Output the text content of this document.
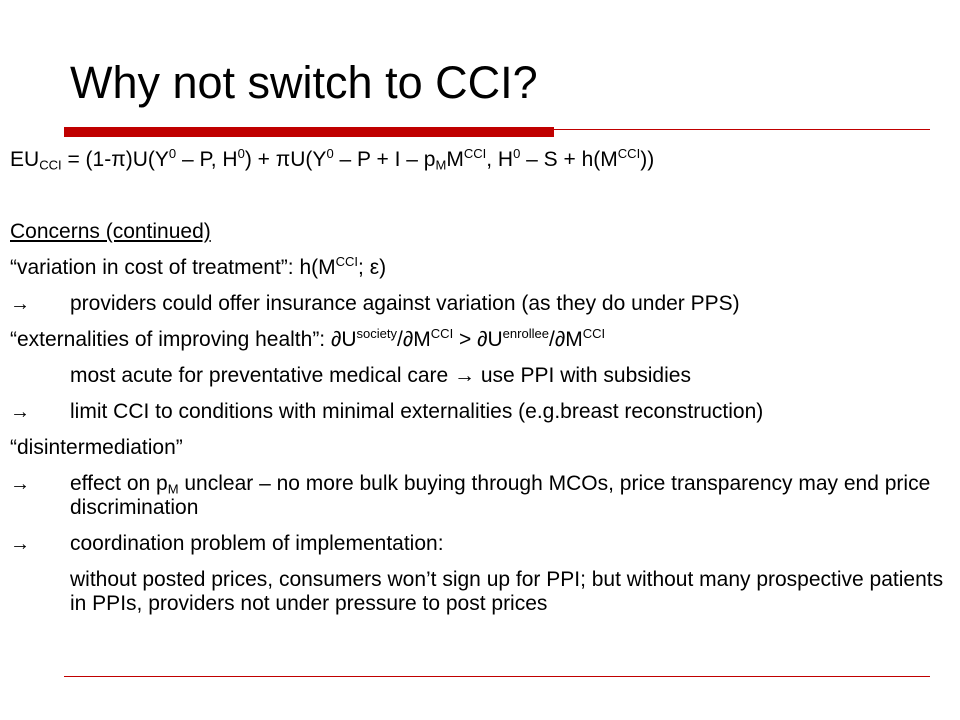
Why not switch to CCI?
$EU_{CCI} = (1-\pi)U(Y^0 - P$, $H^0) + \pi U(Y^0 - P + I - p_MM^{CCI}$, $H^0 - S + h(M^{CCI})$)
Concerns (continued)
“variation in cost of treatment”: $h(M^{CCI}$; ε)
→ providers could offer insurance against variation (as they do under PPS)
“externalities of improving health”: $\partial U^{society}/\partial M^{CCI} > \partial U^{enrollee}/\partial M^{CCI}$
most acute for preventative medical care → use PPI with subsidies
→ limit CCI to conditions with minimal externalities (e.g.breast reconstruction)
“disintermediation”
→ effect on $p_M$ unclear – no more bulk buying through MCOs, price transparency may end price discrimination
→ coordination problem of implementation:
without posted prices, consumers won’t sign up for PPI; but without many prospective patients in PPIs, providers not under pressure to post prices
